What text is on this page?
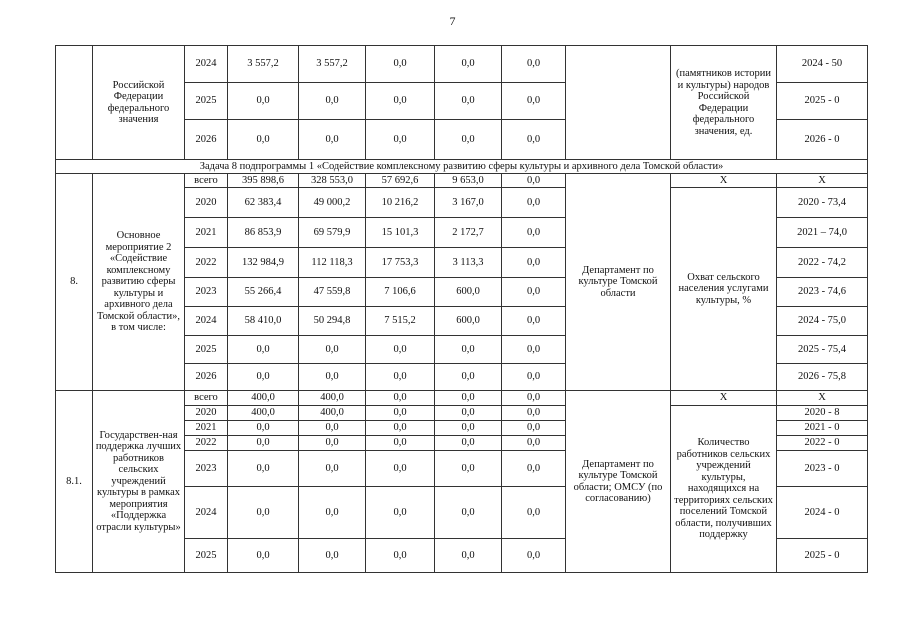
7
	Российской Федерации федерального значения	2024	3 557,2	3 557,2	0,0	0,0	0,0		(памятников истории и культуры) народов Российской Федерации федерального значения, ед.	2024 - 50
		2025	0,0	0,0	0,0	0,0	0,0			2025 - 0
		2026	0,0	0,0	0,0	0,0	0,0			2026 - 0
Задача 8 подпрограммы 1 «Содействие комплексному развитию сферы культуры и архивного дела Томской области»										
8.	Основное мероприятие 2 «Содействие комплексному развитию сферы культуры и архивного дела Томской области», в том числе:	всего	395 898,6	328 553,0	57 692,6	9 653,0	0,0	Департамент по культуре Томской области	Х	Х
		2020	62 383,4	49 000,2	10 216,2	3 167,0	0,0		Охват сельского населения услугами культуры, %	2020 - 73,4
		2021	86 853,9	69 579,9	15 101,3	2 172,7	0,0			2021 – 74,0
		2022	132 984,9	112 118,3	17 753,3	3 113,3	0,0			2022 - 74,2
		2023	55 266,4	47 559,8	7 106,6	600,0	0,0			2023 - 74,6
		2024	58 410,0	50 294,8	7 515,2	600,0	0,0			2024 - 75,0
		2025	0,0	0,0	0,0	0,0	0,0			2025 - 75,4
		2026	0,0	0,0	0,0	0,0	0,0			2026 - 75,8
8.1.	Государствен-ная поддержка лучших работников сельских учреждений культуры в рамках мероприятия «Поддержка отрасли культуры»	всего	400,0	400,0	0,0	0,0	0,0	Департамент по культуре Томской области; ОМСУ (по согласованию)	Х	Х
		2020	400,0	400,0	0,0	0,0	0,0		Количество работников сельских учреждений культуры, находящихся на территориях сельских поселений Томской области, получивших поддержку	2020 - 8
		2021	0,0	0,0	0,0	0,0	0,0			2021 - 0
		2022	0,0	0,0	0,0	0,0	0,0			2022 - 0
		2023	0,0	0,0	0,0	0,0	0,0			2023 - 0
		2024	0,0	0,0	0,0	0,0	0,0			2024 - 0
		2025	0,0	0,0	0,0	0,0	0,0			2025 - 0
